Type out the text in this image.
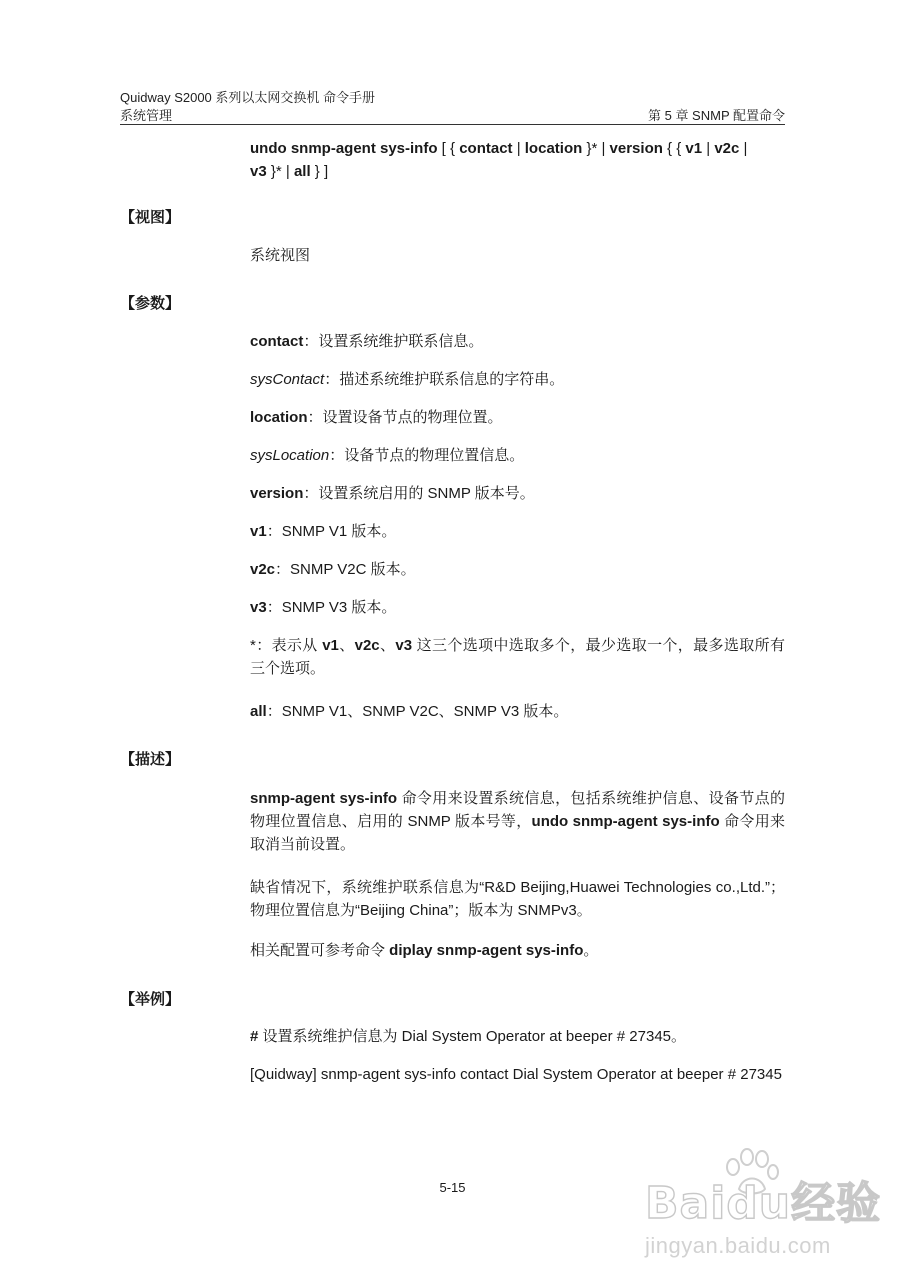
Quidway S2000 系列以太网交换机 命令手册
系统管理	第 5 章 SNMP 配置命令
undo snmp-agent sys-info [ { contact | location }* | version { { v1 | v2c |
v3 }* | all } ]
【视图】
系统视图
【参数】
contact：设置系统维护联系信息。
sysContact：描述系统维护联系信息的字符串。
location：设置设备节点的物理位置。
sysLocation：设备节点的物理位置信息。
version：设置系统启用的 SNMP 版本号。
v1：SNMP V1 版本。
v2c：SNMP V2C 版本。
v3：SNMP V3 版本。
*：表示从 v1、v2c、v3 这三个选项中选取多个，最少选取一个，最多选取所有三个选项。
all：SNMP V1、SNMP V2C、SNMP V3 版本。
【描述】
snmp-agent sys-info 命令用来设置系统信息，包括系统维护信息、设备节点的物理位置信息、启用的 SNMP 版本号等，undo snmp-agent sys-info 命令用来取消当前设置。
缺省情况下，系统维护联系信息为“R&D Beijing,Huawei Technologies co.,Ltd.”；物理位置信息为“Beijing China”；版本为 SNMPv3。
相关配置可参考命令 diplay snmp-agent sys-info。
【举例】
# 设置系统维护信息为 Dial System Operator at beeper # 27345。
[Quidway] snmp-agent sys-info contact Dial System Operator at beeper # 27345
5-15	Baidu经验
jingyan.baidu.com
